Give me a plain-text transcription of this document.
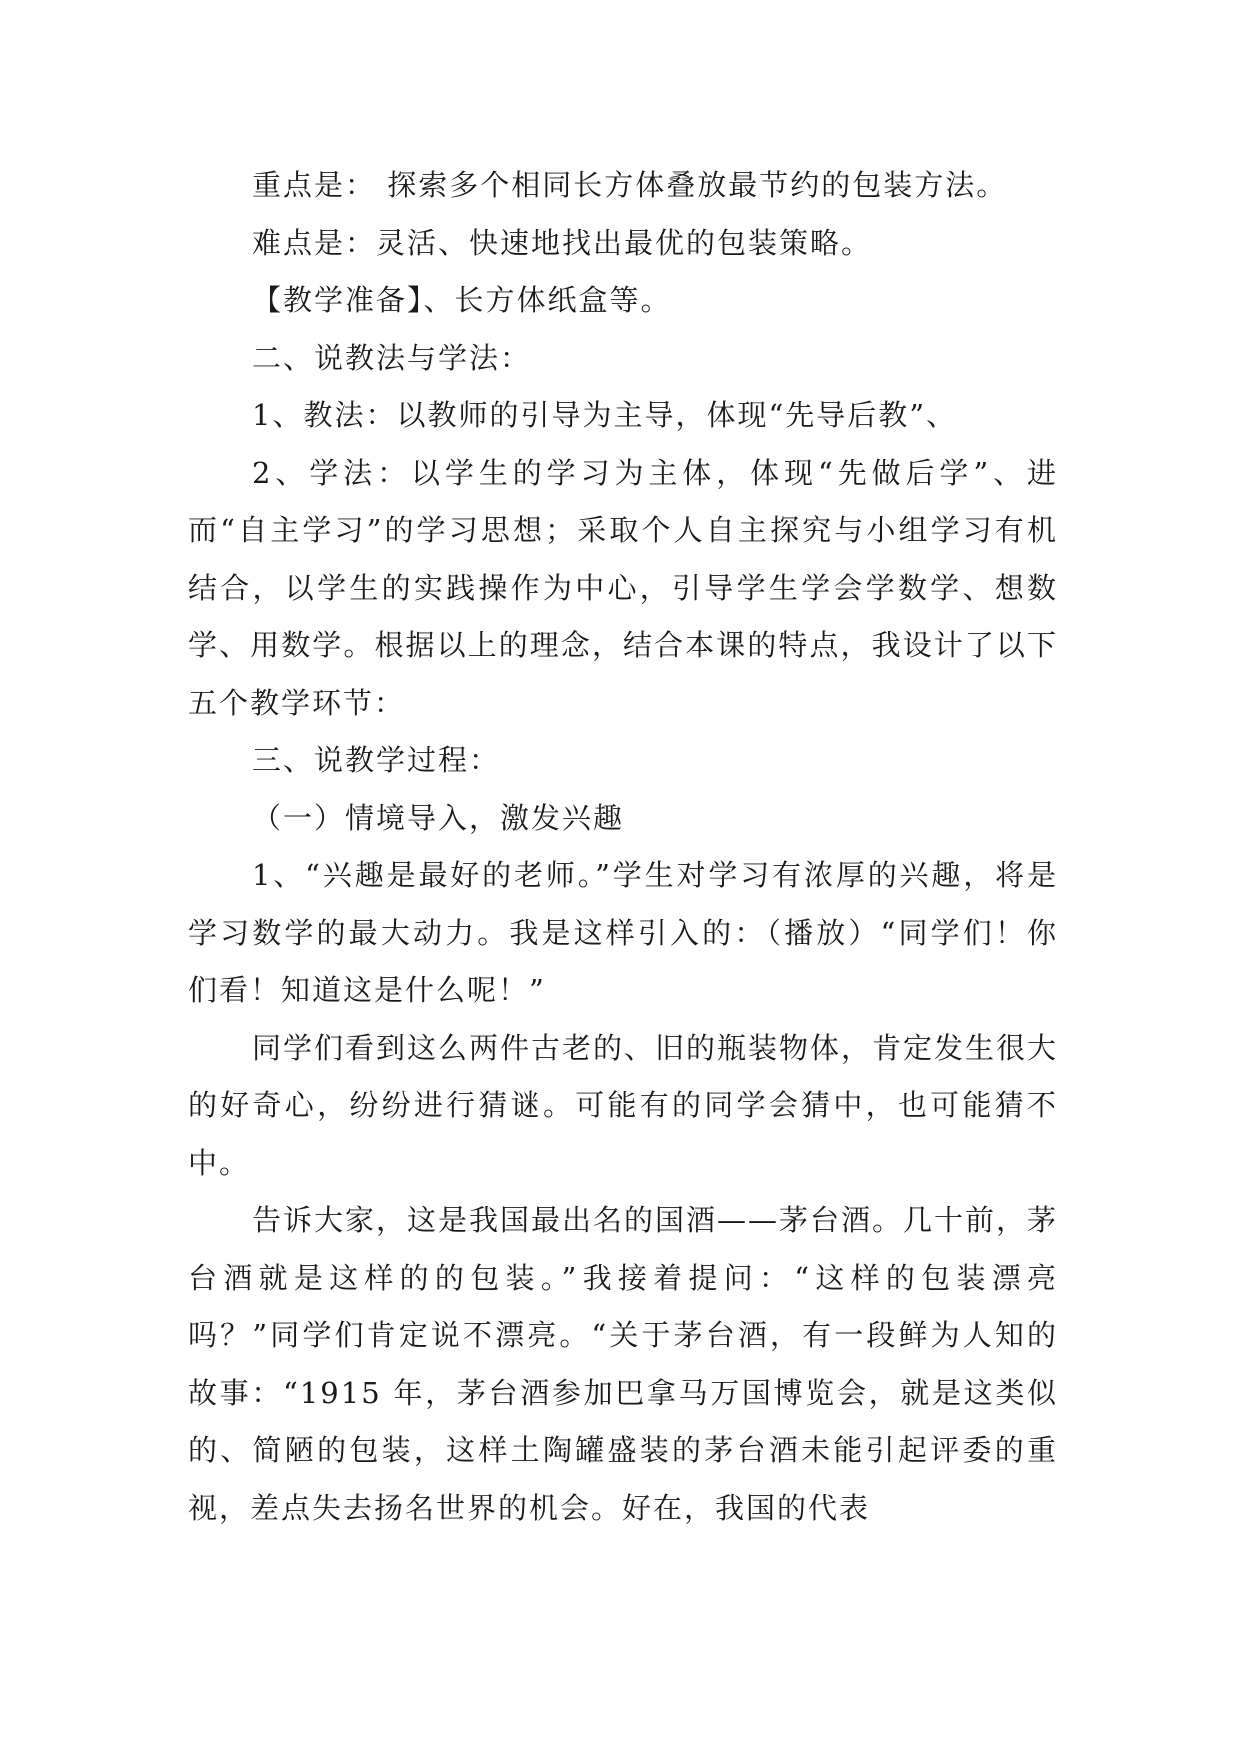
重点是： 探索多个相同长方体叠放最节约的包装方法。

难点是：灵活、快速地找出最优的包装策略。

【教学准备】、长方体纸盒等。

二、说教法与学法：

1、教法：以教师的引导为主导，体现“先导后教”、

2、学法：以学生的学习为主体，体现“先做后学”、进而“自主学习”的学习思想；采取个人自主探究与小组学习有机结合，以学生的实践操作为中心，引导学生学会学数学、想数学、用数学。根据以上的理念，结合本课的特点，我设计了以下五个教学环节：

三、说教学过程：

（一）情境导入，激发兴趣

1、“兴趣是最好的老师。”学生对学习有浓厚的兴趣，将是学习数学的最大动力。我是这样引入的：（播放）“同学们！你们看！知道这是什么呢！”

同学们看到这么两件古老的、旧的瓶装物体，肯定发生很大的好奇心，纷纷进行猜谜。可能有的同学会猜中，也可能猜不中。

告诉大家，这是我国最出名的国酒——茅台酒。几十前，茅台酒就是这样的的包装。”我接着提问：“这样的包装漂亮吗？”同学们肯定说不漂亮。“关于茅台酒，有一段鲜为人知的故事：“1915 年，茅台酒参加巴拿马万国博览会，就是这类似的、简陋的包装，这样土陶罐盛装的茅台酒未能引起评委的重视，差点失去扬名世界的机会。好在，我国的代表
